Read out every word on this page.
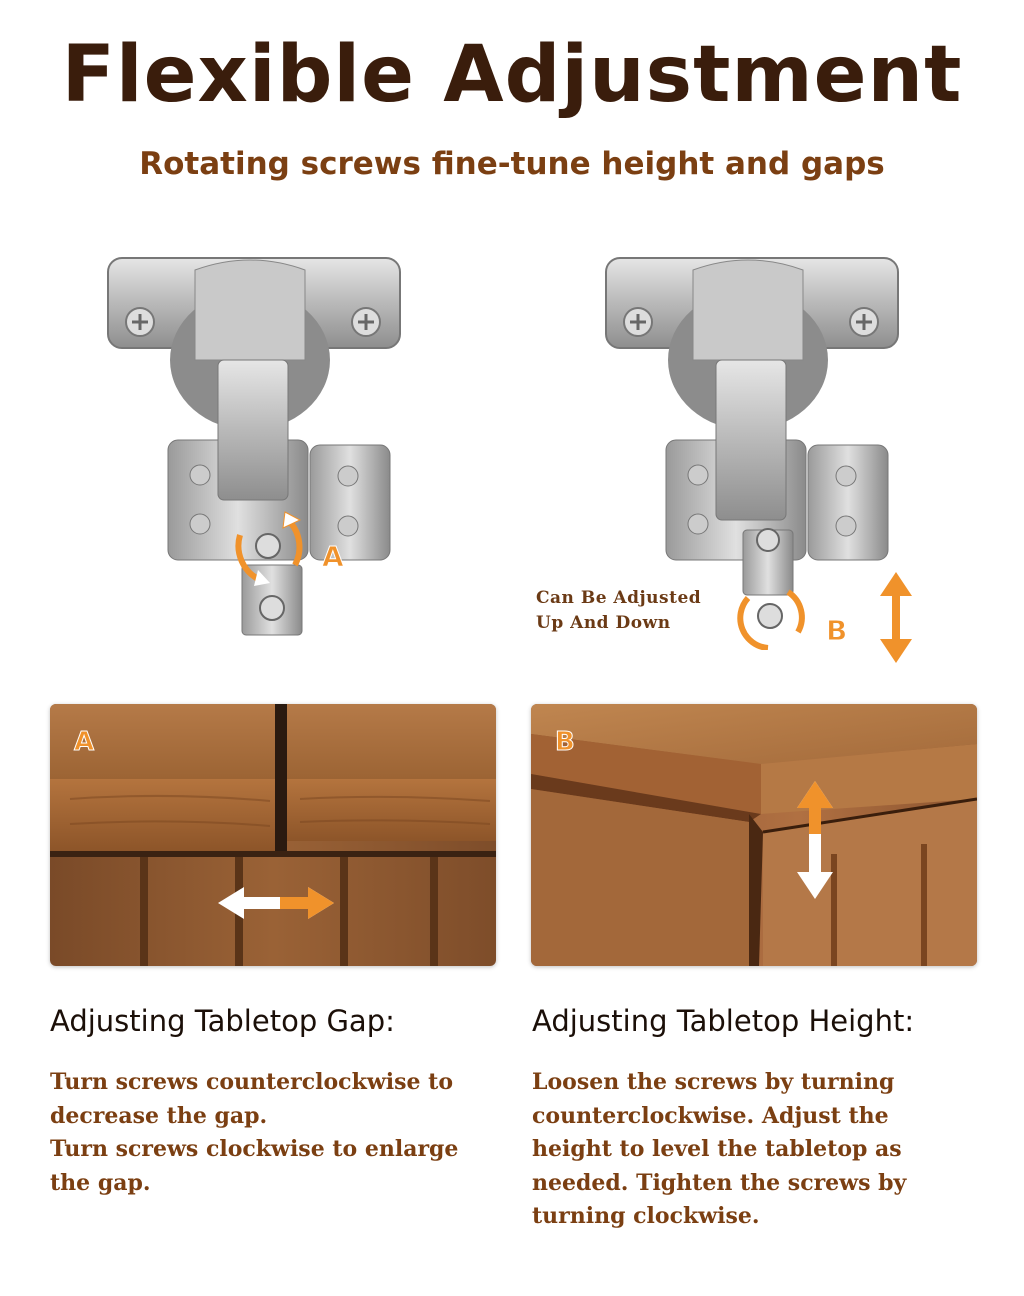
Flexible Adjustment
Rotating screws fine-tune height and gaps
A
B
Can Be Adjusted
Up And Down
A	B
Adjusting Tabletop Gap:	Adjusting Tabletop Height:

Turn screws counterclockwise to decrease the gap.

Turn screws clockwise to enlarge the gap.

Loosen the screws by turning counterclockwise. Adjust the height to level the tabletop as needed. Tighten the screws by turning clockwise.
